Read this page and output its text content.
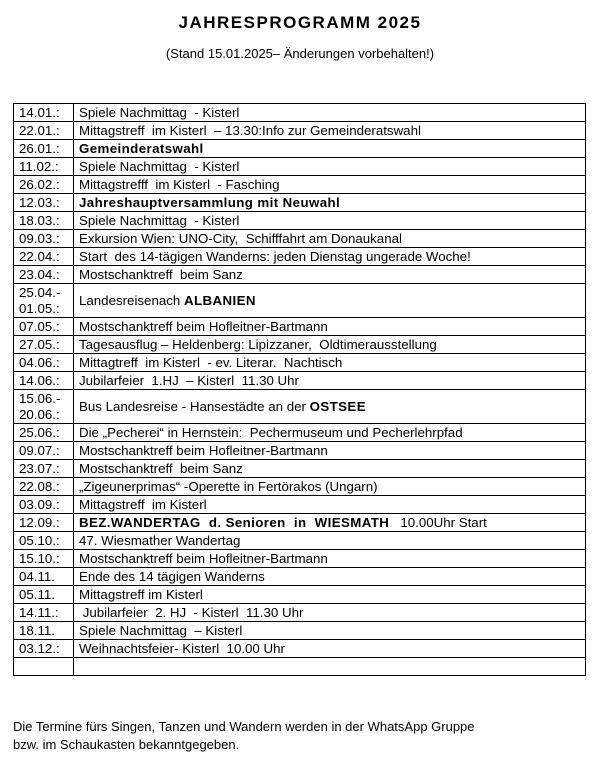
JAHRESPROGRAMM 2025
(Stand 15.01.2025– Änderungen vorbehalten!)
14.01.:	Spiele Nachmittag  - Kisterl

22.01.:	Mittagstreff  im Kisterl  – 13.30:Info zur Gemeinderatswahl

26.01.:	Gemeinderatswahl

11.02.:	Spiele Nachmittag  - Kisterl

26.02.:	Mittagstrefff  im Kisterl  - Fasching

12.03.:	Jahreshauptversammlung mit Neuwahl

18.03.:	Spiele Nachmittag  - Kisterl

09.03.:	Exkursion Wien: UNO-City,  Schifffahrt am Donaukanal

22.04.:	Start  des 14-tägigen Wanderns: jeden Dienstag ungerade Woche!

23.04.:	Mostschanktreff  beim Sanz

25.04.-
01.05.:	Landesreisenach ALBANIEN

07.05.:	Mostschanktreff beim Hofleitner-Bartmann

27.05.:	Tagesausflug – Heldenberg: Lipizzaner,  Oldtimerausstellung

04.06.:	Mittagtreff  im Kisterl  - ev. Literar.  Nachtisch

14.06.:	Jubilarfeier  1.HJ  – Kisterl  11.30 Uhr

15.06.-
20.06.:	Bus Landesreise - Hansestädte an der OSTSEE

25.06.:	Die „Pecherei“ in Hernstein:  Pechermuseum und Pecherlehrpfad

09.07.:	Mostschanktreff beim Hofleitner-Bartmann

23.07.:	Mostschanktreff  beim Sanz

22.08.:	„Zigeunerprimas“ -Operette in Fertörakos (Ungarn)

03.09.:	Mittagstreff  im Kisterl

12.09.:	BEZ.WANDERTAG  d. Senioren  in  WIESMATH   10.00Uhr Start

05.10.:	47. Wiesmather Wandertag

15.10.:	Mostschanktreff beim Hofleitner-Bartmann

04.11.	Ende des 14 tägigen Wanderns

05.11.	Mittagstreff im Kisterl

14.11.:	Jubilarfeier  2. HJ  - Kisterl  11.30 Uhr

18.11.	Spiele Nachmittag  – Kisterl

03.12.:	Weihnachtsfeier- Kisterl  10.00 Uhr

Die Termine fürs Singen, Tanzen und Wandern werden in der WhatsApp Gruppe
bzw. im Schaukasten bekanntgegeben.
